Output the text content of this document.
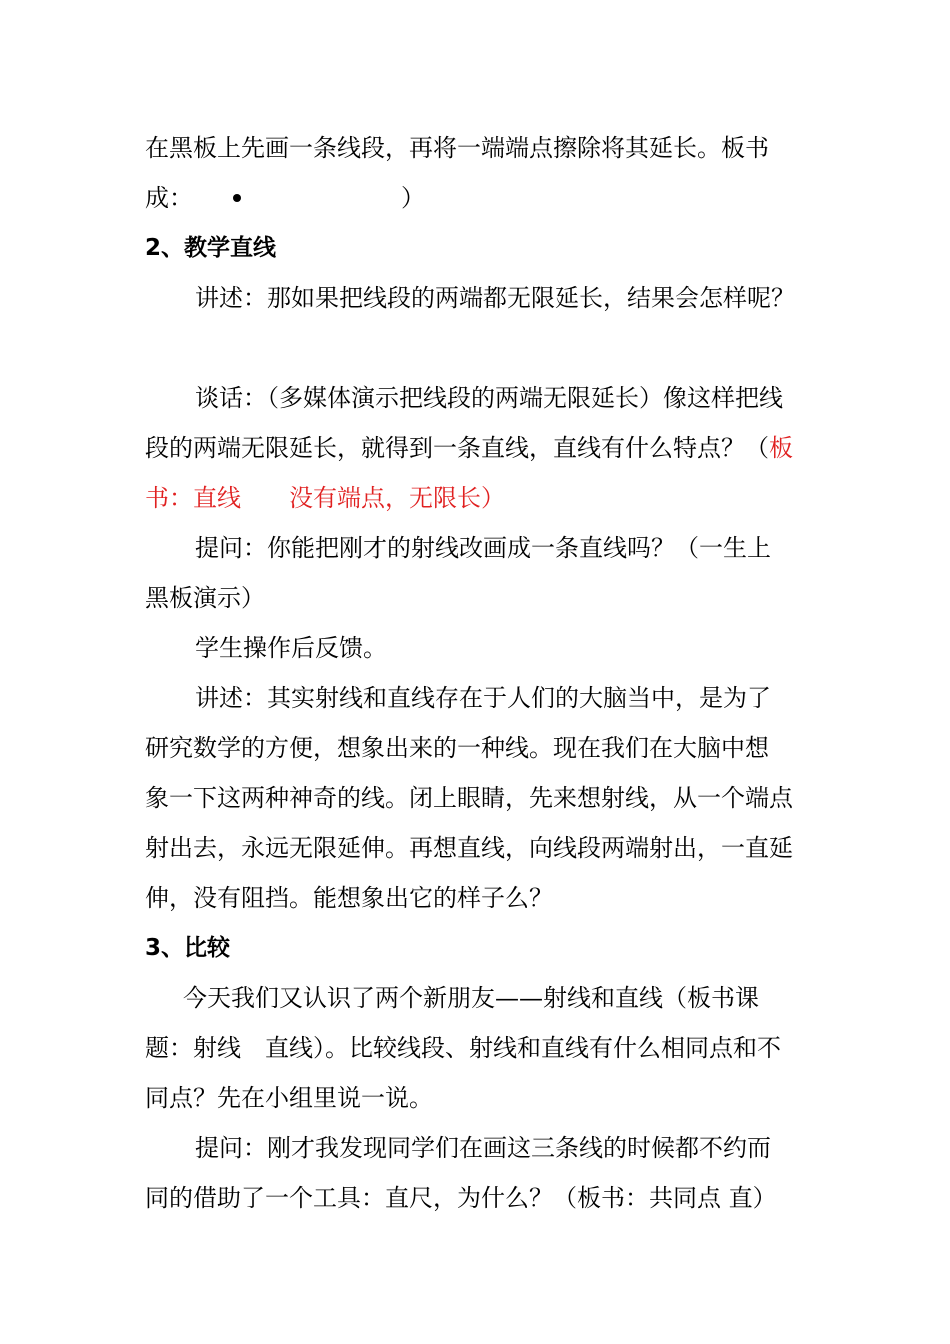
在黑板上先画一条线段，再将一端端点擦除将其延长。板书
成：	）
2、教学直线
讲述：那如果把线段的两端都无限延长，结果会怎样呢？
谈话：（多媒体演示把线段的两端无限延长）像这样把线
段的两端无限延长，就得到一条直线，直线有什么特点？（板
书：直线　　没有端点，无限长）
提问：你能把刚才的射线改画成一条直线吗？（一生上
黑板演示）
学生操作后反馈。
讲述：其实射线和直线存在于人们的大脑当中，是为了
研究数学的方便，想象出来的一种线。现在我们在大脑中想
象一下这两种神奇的线。闭上眼睛，先来想射线，从一个端点
射出去，永远无限延伸。再想直线，向线段两端射出，一直延
伸，没有阻挡。能想象出它的样子么？
3、比较
今天我们又认识了两个新朋友——射线和直线（板书课
题：射线　直线）。比较线段、射线和直线有什么相同点和不
同点？先在小组里说一说。
提问：刚才我发现同学们在画这三条线的时候都不约而
同的借助了一个工具：直尺，为什么？（板书：共同点 直）
